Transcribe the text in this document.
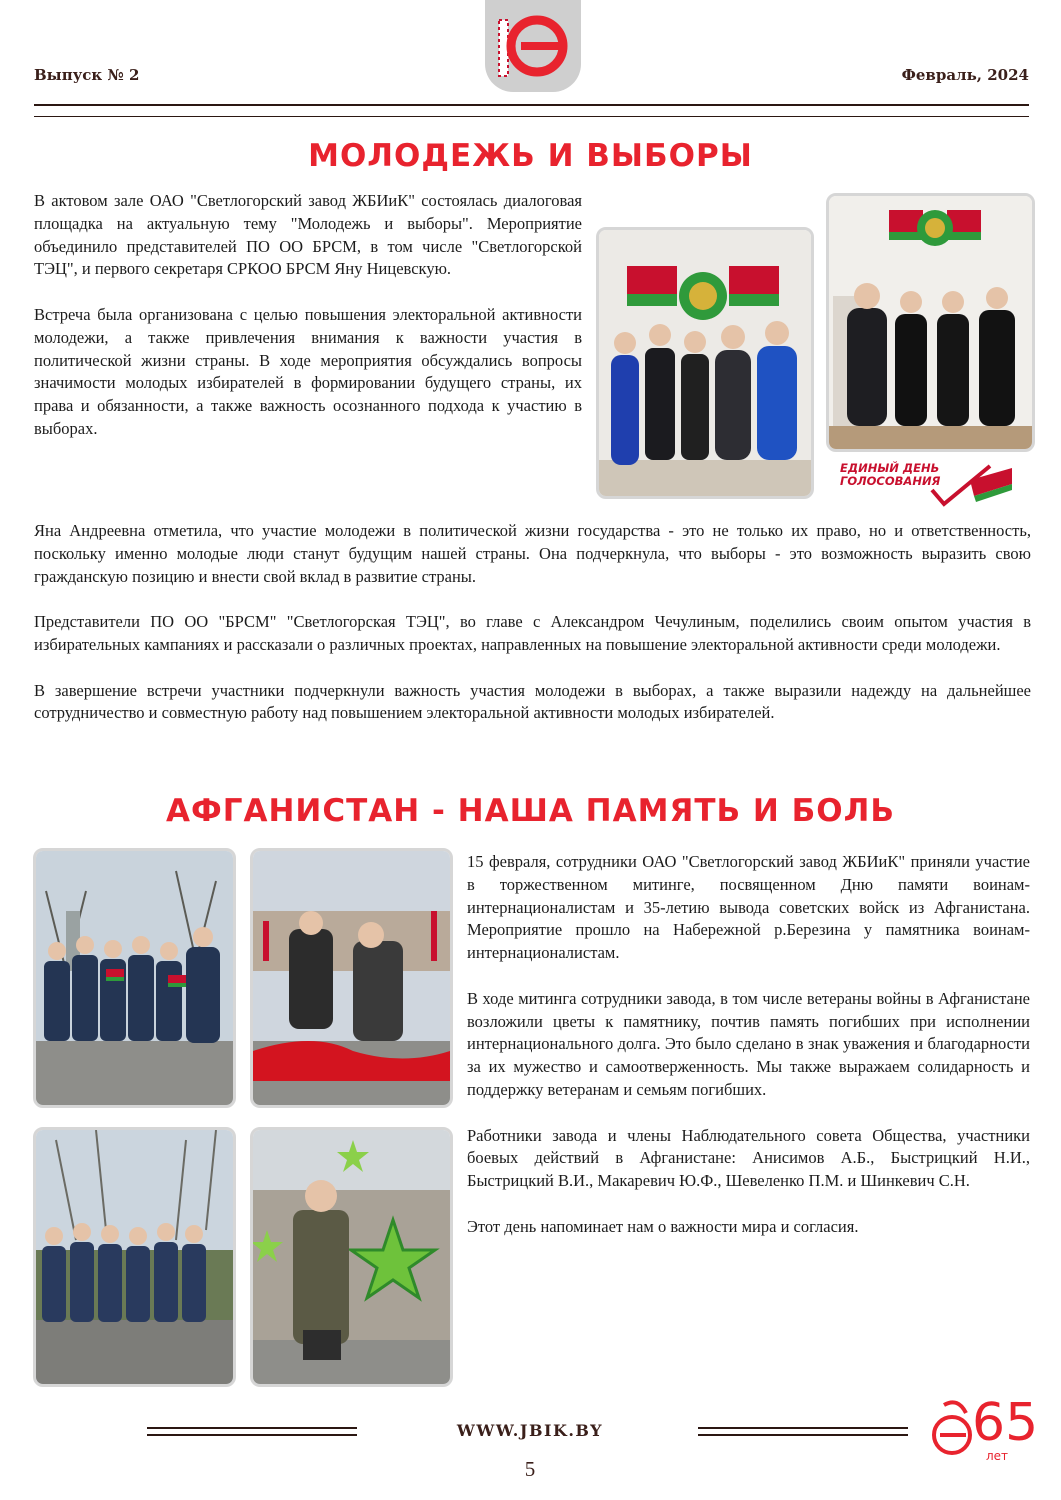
Выпуск № 2	Февраль, 2024
МОЛОДЕЖЬ И ВЫБОРЫ

В актовом зале ОАО "Светлогорский завод ЖБИиК" состоялась диалоговая площадка на актуальную тему "Молодежь и выборы". Мероприятие объединило представителей ПО ОО БРСМ, в том числе "Светлогорской ТЭЦ", и первого секретаря СРКОО БРСМ Яну Ницевскую.

Встреча была организована с целью повышения электоральной активности молодежи, а также привлечения внимания к важности участия в политической жизни страны. В ходе мероприятия обсуждались вопросы значимости молодых избирателей в формировании будущего страны, их права и обязанности, а также важность осознанного подхода к участию в выборах.

ЕДИНЫЙ ДЕНЬ
ГОЛОСОВАНИЯ

Яна Андреевна отметила, что участие молодежи в политической жизни государства - это не только их право, но и ответственность, поскольку именно молодые люди станут будущим нашей страны. Она подчеркнула, что выборы - это возможность выразить свою гражданскую позицию и внести свой вклад в развитие страны.

Представители ПО ОО "БРСМ" "Светлогорская ТЭЦ", во главе с Александром Чечулиным, поделились своим опытом участия в избирательных кампаниях и рассказали о различных проектах, направленных на повышение электоральной активности среди молодежи.

В завершение встречи участники подчеркнули важность участия молодежи в выборах, а также выразили надежду на дальнейшее сотрудничество и совместную работу над повышением электоральной активности молодых избирателей.

АФГАНИСТАН - НАША ПАМЯТЬ И БОЛЬ

15 февраля, сотрудники ОАО "Светлогорский завод ЖБИиК" приняли участие в торжественном митинге, посвященном Дню памяти воинам-интернационалистам и 35-летию вывода советских войск из Афганистана. Мероприятие прошло на Набережной р.Березина у памятника воинам-интернационалистам.

В ходе митинга сотрудники завода, в том числе ветераны войны в Афганистане возложили цветы к памятнику, почтив память погибших при исполнении интернационального долга. Это было сделано в знак уважения и благодарности за их мужество и самоотверженность. Мы также выражаем солидарность и поддержку ветеранам и семьям погибших.

Работники завода и члены Наблюдательного совета Общества, участники боевых действий в Афганистане: Анисимов А.Б., Быстрицкий Н.И., Быстрицкий В.И., Макаревич Ю.Ф., Шевеленко П.М. и Шинкевич С.Н.

Этот день напоминает нам о важности мира и согласия.

WWW.JBIK.BY
5
65
лет
